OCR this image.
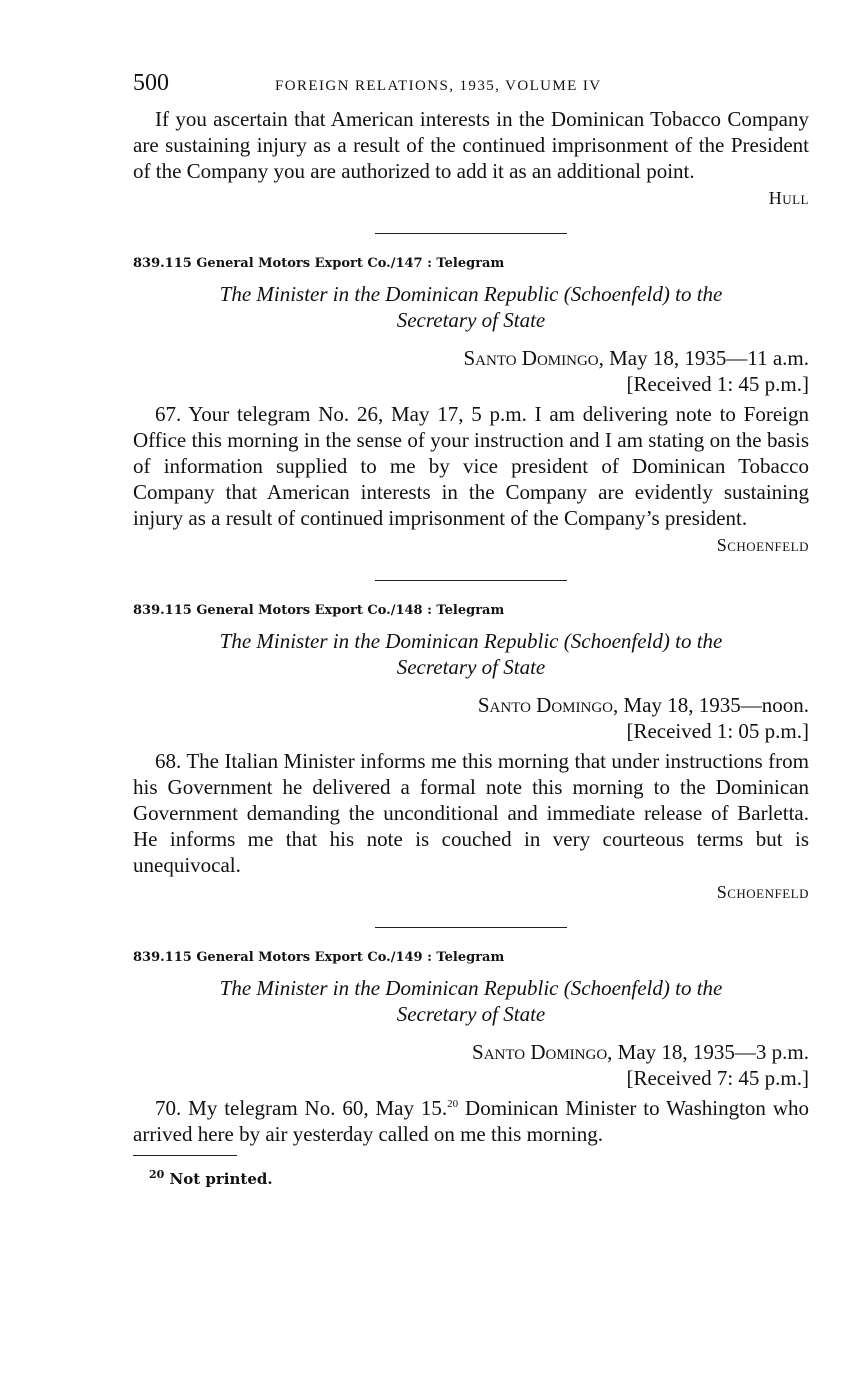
500	FOREIGN RELATIONS, 1935, VOLUME IV

If you ascertain that American interests in the Dominican Tobacco Company are sustaining injury as a result of the continued imprisonment of the President of the Company you are authorized to add it as an additional point.

Hull

839.115 General Motors Export Co./147 : Telegram

The Minister in the Dominican Republic (Schoenfeld) to the
Secretary of State

Santo Domingo, May 18, 1935—11 a.m.

[Received 1: 45 p.m.]

67. Your telegram No. 26, May 17, 5 p.m. I am delivering note to Foreign Office this morning in the sense of your instruction and I am stating on the basis of information supplied to me by vice president of Dominican Tobacco Company that American interests in the Company are evidently sustaining injury as a result of continued imprisonment of the Company’s president.

Schoenfeld

839.115 General Motors Export Co./148 : Telegram

The Minister in the Dominican Republic (Schoenfeld) to the
Secretary of State

Santo Domingo, May 18, 1935—noon.

[Received 1: 05 p.m.]

68. The Italian Minister informs me this morning that under instructions from his Government he delivered a formal note this morning to the Dominican Government demanding the unconditional and immediate release of Barletta. He informs me that his note is couched in very courteous terms but is unequivocal.

Schoenfeld

839.115 General Motors Export Co./149 : Telegram

The Minister in the Dominican Republic (Schoenfeld) to the
Secretary of State

Santo Domingo, May 18, 1935—3 p.m.

[Received 7: 45 p.m.]

70. My telegram No. 60, May 15.20 Dominican Minister to Washington who arrived here by air yesterday called on me this morning.

$^{20}$ Not printed.
